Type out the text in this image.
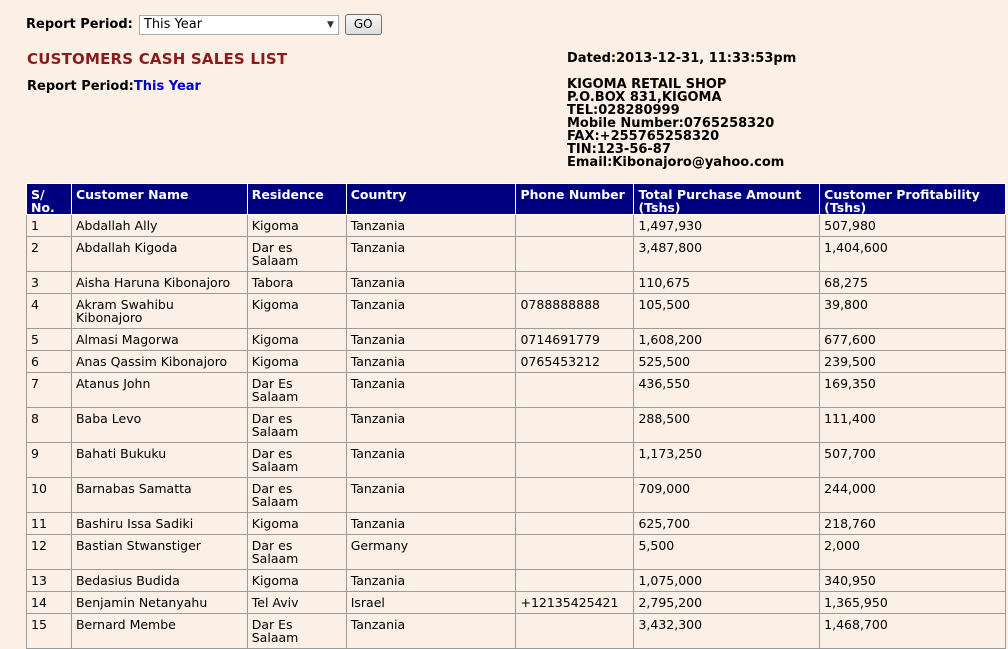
Report Period: This Year	▼	GO
CUSTOMERS CASH SALES LIST
Report Period:This Year
Dated:2013-12-31, 11:33:53pm
KIGOMA RETAIL SHOP
P.O.BOX 831,KIGOMA
TEL:028280999
Mobile Number:0765258320
FAX:+255765258320
TIN:123-56-87
Email:Kibonajoro@yahoo.com
S/ No.	Customer Name	Residence	Country	Phone Number	Total Purchase Amount (Tshs)	Customer Profitability (Tshs)
1	Abdallah Ally	Kigoma	Tanzania		1,497,930	507,980
2	Abdallah Kigoda	Dar es Salaam	Tanzania		3,487,800	1,404,600
3	Aisha Haruna Kibonajoro	Tabora	Tanzania		110,675	68,275
4	Akram Swahibu Kibonajoro	Kigoma	Tanzania	0788888888	105,500	39,800
5	Almasi Magorwa	Kigoma	Tanzania	0714691779	1,608,200	677,600
6	Anas Qassim Kibonajoro	Kigoma	Tanzania	0765453212	525,500	239,500
7	Atanus John	Dar Es Salaam	Tanzania		436,550	169,350
8	Baba Levo	Dar es Salaam	Tanzania		288,500	111,400
9	Bahati Bukuku	Dar es Salaam	Tanzania		1,173,250	507,700
10	Barnabas Samatta	Dar es Salaam	Tanzania		709,000	244,000
11	Bashiru Issa Sadiki	Kigoma	Tanzania		625,700	218,760
12	Bastian Stwanstiger	Dar es Salaam	Germany		5,500	2,000
13	Bedasius Budida	Kigoma	Tanzania		1,075,000	340,950
14	Benjamin Netanyahu	Tel Aviv	Israel	+12135425421	2,795,200	1,365,950
15	Bernard Membe	Dar Es Salaam	Tanzania		3,432,300	1,468,700
